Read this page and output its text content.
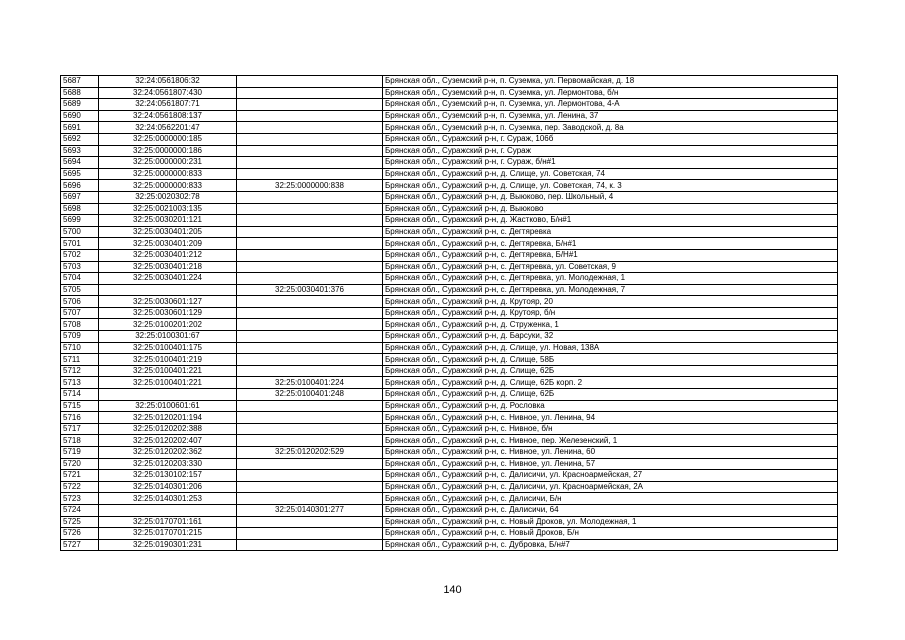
5687	32:24:0561806:32		Брянская обл., Суземский р-н, п. Суземка, ул. Первомайская, д. 18
5688	32:24:0561807:430		Брянская обл., Суземский р-н, п. Суземка, ул. Лермонтова, б/н
5689	32:24:0561807:71		Брянская обл., Суземский р-н, п. Суземка, ул. Лермонтова, 4-А
5690	32:24:0561808:137		Брянская обл., Суземский р-н, п. Суземка, ул. Ленина, 37
5691	32:24:0562201:47		Брянская обл., Суземский р-н, п. Суземка, пер. Заводской, д. 8а
5692	32:25:0000000:185		Брянская обл., Суражский р-н, г. Сураж, 106б
5693	32:25:0000000:186		Брянская обл., Суражский р-н, г. Сураж
5694	32:25:0000000:231		Брянская обл., Суражский р-н, г. Сураж, б/н#1
5695	32:25:0000000:833		Брянская обл., Суражский р-н, д. Слище, ул. Советская, 74
5696	32:25:0000000:833	32:25:0000000:838	Брянская обл., Суражский р-н, д. Слище, ул. Советская, 74, к. 3
5697	32:25:0020302:78		Брянская обл., Суражский р-н, д. Выюково, пер. Школьный, 4
5698	32:25:0021003:135		Брянская обл., Суражский р-н, д. Выюково
5699	32:25:0030201:121		Брянская обл., Суражский р-н, д. Жастково, Б/н#1
5700	32:25:0030401:205		Брянская обл., Суражский р-н, с. Дегтяревка
5701	32:25:0030401:209		Брянская обл., Суражский р-н, с. Дегтяревка, Б/н#1
5702	32:25:0030401:212		Брянская обл., Суражский р-н, с. Дегтяревка, Б/Н#1
5703	32:25:0030401:218		Брянская обл., Суражский р-н, с. Дегтяревка, ул. Советская, 9
5704	32:25:0030401:224		Брянская обл., Суражский р-н, с. Дегтяревка, ул. Молодежная, 1
5705		32:25:0030401:376	Брянская обл., Суражский р-н, с. Дегтяревка, ул. Молодежная, 7
5706	32:25:0030601:127		Брянская обл., Суражский р-н, д. Крутояр, 20
5707	32:25:0030601:129		Брянская обл., Суражский р-н, д. Крутояр, б/н
5708	32:25:0100201:202		Брянская обл., Суражский р-н, д. Струженка, 1
5709	32:25:0100301:67		Брянская обл., Суражский р-н, д. Барсуки, 32
5710	32:25:0100401:175		Брянская обл., Суражский р-н, д. Слище, ул. Новая, 138А
5711	32:25:0100401:219		Брянская обл., Суражский р-н, д. Слище, 58Б
5712	32:25:0100401:221		Брянская обл., Суражский р-н, д. Слище, 62Б
5713	32:25:0100401:221	32:25:0100401:224	Брянская обл., Суражский р-н, д. Слище, 62Б корп. 2
5714		32:25:0100401:248	Брянская обл., Суражский р-н, д. Слище, 62Б
5715	32:25:0100601:61		Брянская обл., Суражский р-н, д. Рословка
5716	32:25:0120201:194		Брянская обл., Суражский р-н, с. Нивное, ул. Ленина, 94
5717	32:25:0120202:388		Брянская обл., Суражский р-н, с. Нивное, б/н
5718	32:25:0120202:407		Брянская обл., Суражский р-н, с. Нивное, пер. Железенский, 1
5719	32:25:0120202:362	32:25:0120202:529	Брянская обл., Суражский р-н, с. Нивное, ул. Ленина, 60
5720	32:25:0120203:330		Брянская обл., Суражский р-н, с. Нивное, ул. Ленина, 57
5721	32:25:0130102:157		Брянская обл., Суражский р-н, с. Далисичи, ул. Красноармейская, 27
5722	32:25:0140301:206		Брянская обл., Суражский р-н, с. Далисичи, ул. Красноармейская, 2А
5723	32:25:0140301:253		Брянская обл., Суражский р-н, с. Далисичи, Б/н
5724		32:25:0140301:277	Брянская обл., Суражский р-н, с. Далисичи, 64
5725	32:25:0170701:161		Брянская обл., Суражский р-н, с. Новый Дроков, ул. Молодежная, 1
5726	32:25:0170701:215		Брянская обл., Суражский р-н, с. Новый Дроков, Б/н
5727	32:25:0190301:231		Брянская обл., Суражский р-н, с. Дубровка, Б/н#7
140
